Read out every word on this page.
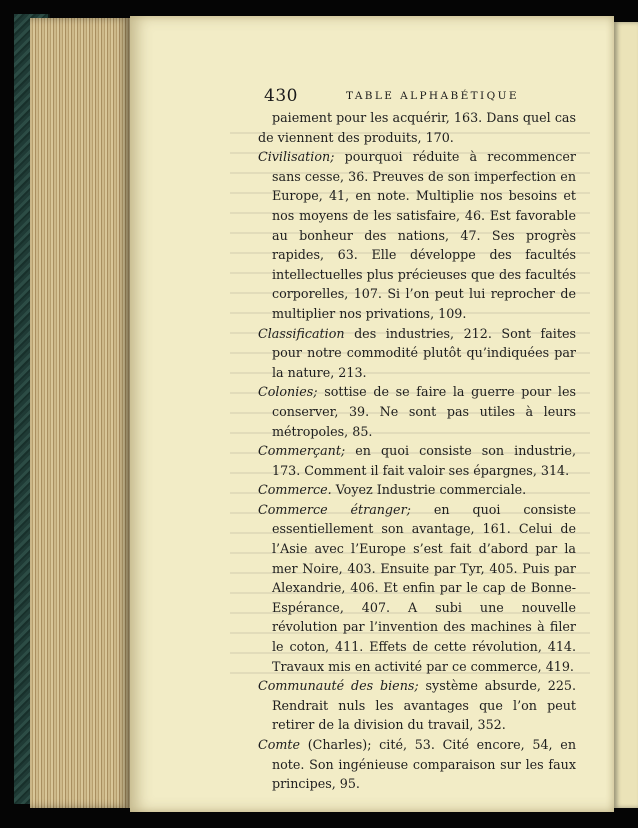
430	TABLE ALPHABÉTIQUE

paiement pour les acquérir, 163. Dans quel cas de viennent des produits, 170.

Civilisation; pourquoi réduite à recommencer sans cesse, 36. Preuves de son imperfection en Europe, 41, en note. Multiplie nos besoins et nos moyens de les satisfaire, 46. Est favorable au bonheur des nations, 47. Ses progrès rapides, 63. Elle développe des facultés intellectuelles plus précieuses que des facultés corporelles, 107. Si l’on peut lui reprocher de multiplier nos privations, 109.

Classification des industries, 212. Sont faites pour notre commodité plutôt qu’indiquées par la nature, 213.

Colonies; sottise de se faire la guerre pour les conserver, 39. Ne sont pas utiles à leurs métropoles, 85.

Commerçant; en quoi consiste son industrie, 173. Comment il fait valoir ses épargnes, 314.

Commerce. Voyez Industrie commerciale.

Commerce étranger; en quoi consiste essentiellement son avantage, 161. Celui de l’Asie avec l’Europe s’est fait d’abord par la mer Noire, 403. Ensuite par Tyr, 405. Puis par Alexandrie, 406. Et enfin par le cap de Bonne-Espérance, 407. A subi une nouvelle révolution par l’invention des machines à filer le coton, 411. Effets de cette révolution, 414. Travaux mis en activité par ce commerce, 419.

Communauté des biens; système absurde, 225. Rendrait nuls les avantages que l’on peut retirer de la division du travail, 352.

Comte (Charles); cité, 53. Cité encore, 54, en note. Son ingénieuse comparaison sur les faux principes, 95.
